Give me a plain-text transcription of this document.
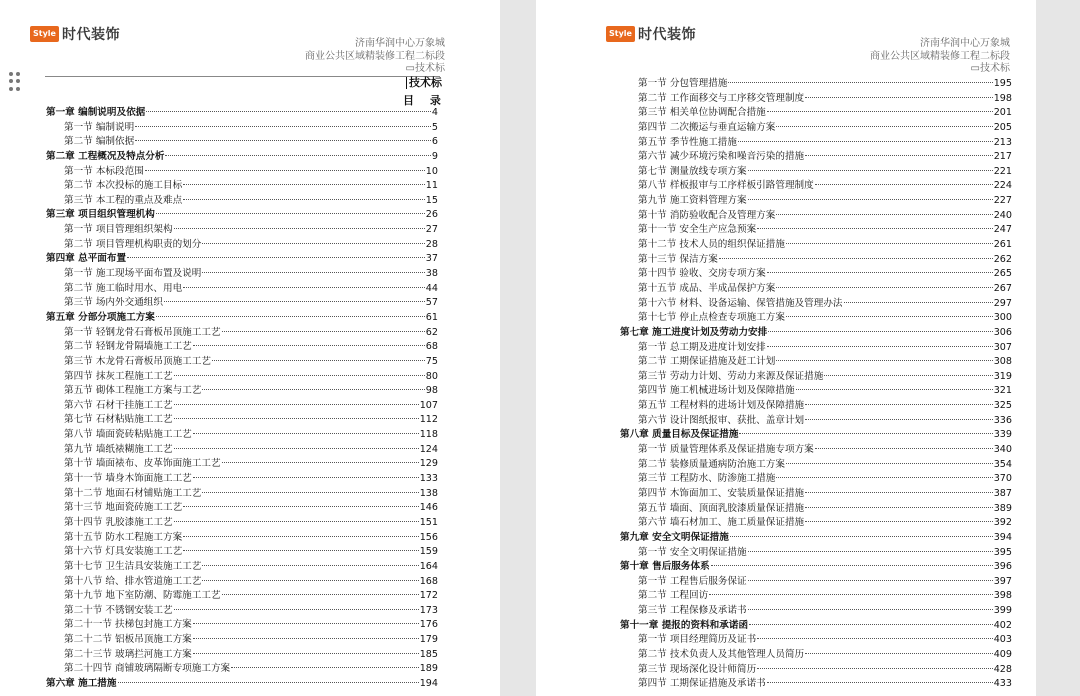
Style 时代装饰
济南华润中心万象城
商业公共区域精装修工程二标段
▭技术标
技术标
目 录
第一章 编制说明及依据	4
第一节 编制说明	5
第二节 编制依据	6
第二章 工程概况及特点分析	9
第一节 本标段范围	10
第二节 本次投标的施工目标	11
第三节 本工程的重点及难点	15
第三章 项目组织管理机构	26
第一节 项目管理组织架构	27
第二节 项目管理机构职责的划分	28
第四章 总平面布置	37
第一节 施工现场平面布置及说明	38
第二节 施工临时用水、用电	44
第三节 场内外交通组织	57
第五章 分部分项施工方案	61
第一节 轻钢龙骨石膏板吊顶施工工艺	62
第二节 轻钢龙骨隔墙施工工艺	68
第三节 木龙骨石膏板吊顶施工工艺	75
第四节 抹灰工程施工工艺	80
第五节 砌体工程施工方案与工艺	98
第六节 石材干挂施工工艺	107
第七节 石材粘贴施工工艺	112
第八节 墙面瓷砖粘贴施工工艺	118
第九节 墙纸裱糊施工工艺	124
第十节 墙面裱布、皮革饰面施工工艺	129
第十一节 墙身木饰面施工工艺	133
第十二节 地面石材铺贴施工工艺	138
第十三节 地面瓷砖施工工艺	146
第十四节 乳胶漆施工工艺	151
第十五节 防水工程施工方案	156
第十六节 灯具安装施工工艺	159
第十七节 卫生洁具安装施工工艺	164
第十八节 给、排水管道施工工艺	168
第十九节 地下室防潮、防霉施工工艺	172
第二十节 不锈钢安装工艺	173
第二十一节 扶梯包封施工方案	176
第二十二节 铝板吊顶施工方案	179
第二十三节 玻璃拦河施工方案	185
第二十四节 商铺玻璃隔断专项施工方案	189
第六章 施工措施	194
Style 时代装饰
济南华润中心万象城
商业公共区域精装修工程二标段
▭技术标
第一节 分包管理措施	195
第二节 工作面移交与工序移交管理制度	198
第三节 相关单位协调配合措施	201
第四节 二次搬运与垂直运输方案	205
第五节 季节性施工措施	213
第六节 减少环境污染和噪音污染的措施	217
第七节 测量放线专项方案	221
第八节 样板报审与工序样板引路管理制度	224
第九节 施工资料管理方案	227
第十节 消防验收配合及管理方案	240
第十一节 安全生产应急预案	247
第十二节 技术人员的组织保证措施	261
第十三节 保洁方案	262
第十四节 验收、交房专项方案	265
第十五节 成品、半成品保护方案	267
第十六节 材料、设备运输、保管措施及管理办法	297
第十七节 停止点检查专项施工方案	300
第七章 施工进度计划及劳动力安排	306
第一节 总工期及进度计划安排	307
第二节 工期保证措施及赶工计划	308
第三节 劳动力计划、劳动力来源及保证措施	319
第四节 施工机械进场计划及保障措施	321
第五节 工程材料的进场计划及保障措施	325
第六节 设计图纸报审、获批、盖章计划	336
第八章 质量目标及保证措施	339
第一节 质量管理体系及保证措施专项方案	340
第二节 装修质量通病防治施工方案	354
第三节 工程防水、防渗施工措施	370
第四节 木饰面加工、安装质量保证措施	387
第五节 墙面、顶面乳胶漆质量保证措施	389
第六节 墙石材加工、施工质量保证措施	392
第九章 安全文明保证措施	394
第一节 安全文明保证措施	395
第十章 售后服务体系	396
第一节 工程售后服务保证	397
第二节 工程回访	398
第三节 工程保修及承诺书	399
第十一章 提报的资料和承诺函	402
第一节 项目经理简历及证书	403
第二节 技术负责人及其他管理人员简历	409
第三节 现场深化设计师简历	428
第四节 工期保证措施及承诺书	433
